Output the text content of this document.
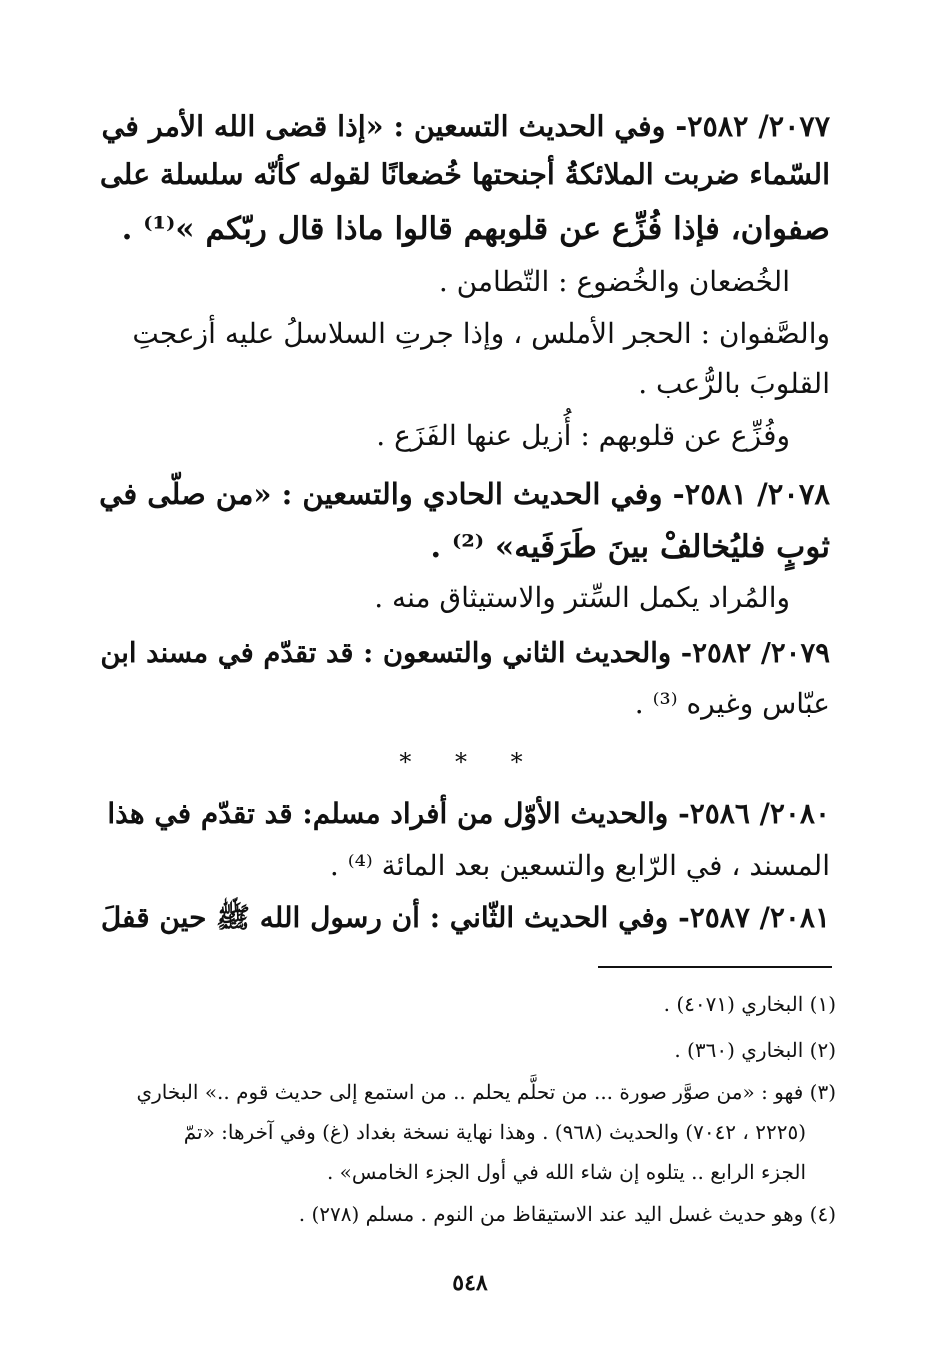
٢٠٧٧/ ٢٥٨٢- وفي الحديث التسعين : «إذا قضى الله الأمر في
السّماء ضربت الملائكةُ أجنحتها خُضعانًا لقوله كأنّه سلسلة على
صفوان، فإذا فُزِّع عن قلوبهم قالوا ماذا قال ربّكم »⁽¹⁾ .
الخُضعان والخُضوع : التّطامن .
والصَّفوان : الحجر الأملس ، وإذا جرتِ السلاسلُ عليه أزعجتِ
القلوبَ بالرُّعب .
وفُزِّع عن قلوبهم : أُزيل عنها الفَزَع .
٢٠٧٨/ ٢٥٨١- وفي الحديث الحادي والتسعين : «من صلّى في
ثوبٍ فليُخالفْ بينَ طَرَفَيه» ⁽²⁾ .
والمُراد يكمل السِّتر والاستيثاق منه .
٢٠٧٩/ ٢٥٨٢- والحديث الثاني والتسعون : قد تقدّم في مسند ابن
عبّاس وغيره ⁽³⁾ .
* * *
٢٠٨٠/ ٢٥٨٦- والحديث الأوّل من أفراد مسلم: قد تقدّم في هذا
المسند ، في الرّابع والتسعين بعد المائة ⁽⁴⁾ .
٢٠٨١/ ٢٥٨٧- وفي الحديث الثّاني : أن رسول الله ﷺ حين قفلَ
(١) البخاري (٤٠٧١) .
(٢) البخاري (٣٦٠) .
(٣) فهو : «من صوَّر صورة ... من تحلَّم يحلم .. من استمع إلى حديث قوم ..» البخاري
(٢٢٢٥ ، ٧٠٤٢) والحديث (٩٦٨) . وهذا نهاية نسخة بغداد (غ) وفي آخرها: «تمّ
الجزء الرابع .. يتلوه إن شاء الله في أول الجزء الخامس» .
(٤) وهو حديث غسل اليد عند الاستيقاظ من النوم . مسلم (٢٧٨) .
٥٤٨
